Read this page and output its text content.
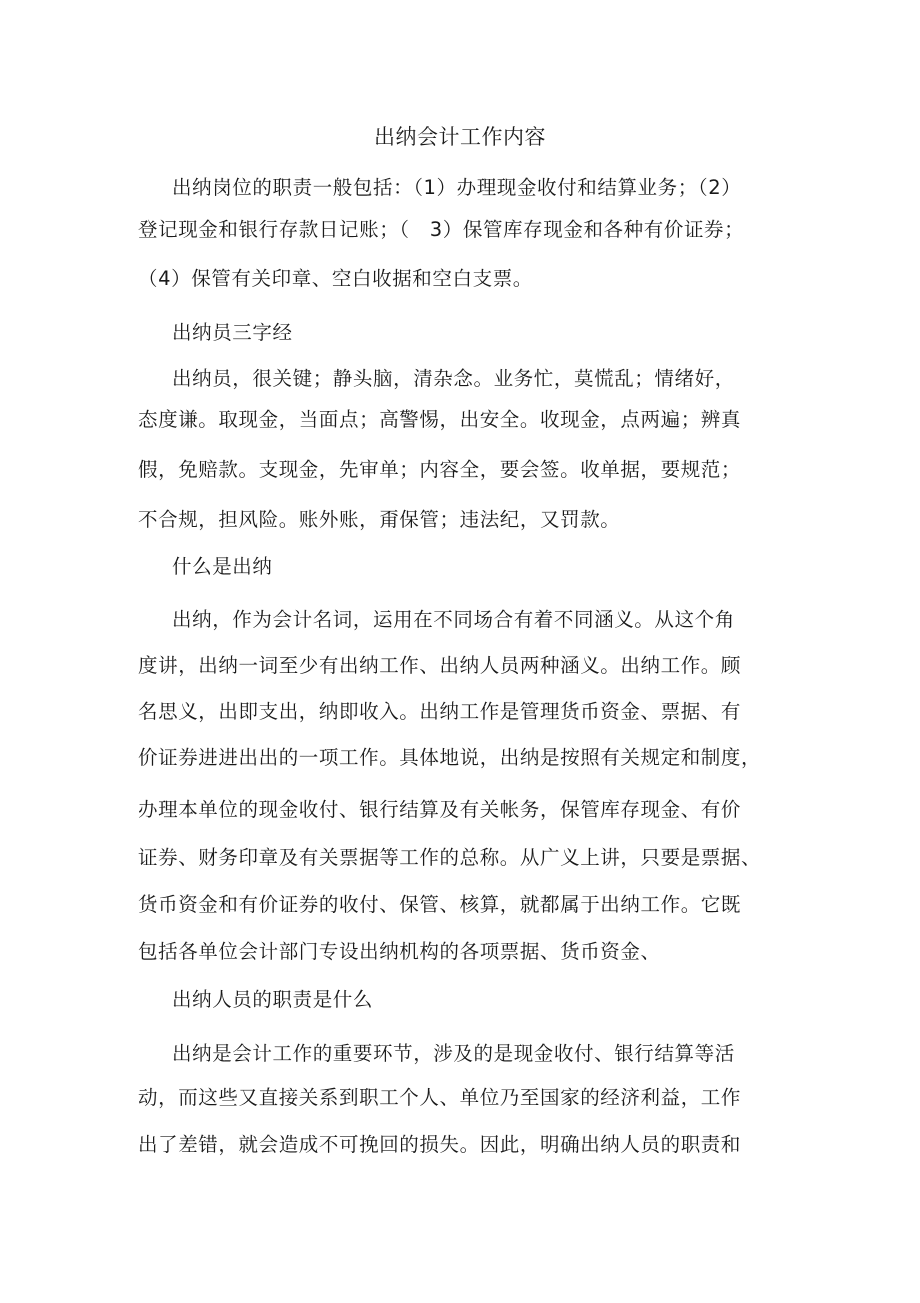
出纳会计工作内容
出纳岗位的职责一般包括：（1）办理现金收付和结算业务；（2）
登记现金和银行存款日记账；（　3）保管库存现金和各种有价证券；
（4）保管有关印章、空白收据和空白支票。
出纳员三字经
出纳员，很关键；静头脑，清杂念。业务忙，莫慌乱；情绪好，
态度谦。取现金，当面点；高警惕，出安全。收现金，点两遍；辨真
假，免赔款。支现金，先审单；内容全，要会签。收单据，要规范；
不合规，担风险。账外账，甭保管；违法纪，又罚款。
什么是出纳
出纳，作为会计名词，运用在不同场合有着不同涵义。从这个角
度讲，出纳一词至少有出纳工作、出纳人员两种涵义。出纳工作。顾
名思义，出即支出，纳即收入。出纳工作是管理货币资金、票据、有
价证券进进出出的一项工作。具体地说，出纳是按照有关规定和制度，
办理本单位的现金收付、银行结算及有关帐务，保管库存现金、有价
证券、财务印章及有关票据等工作的总称。从广义上讲，只要是票据、
货币资金和有价证券的收付、保管、核算，就都属于出纳工作。它既
包括各单位会计部门专设出纳机构的各项票据、货币资金、
出纳人员的职责是什么
出纳是会计工作的重要环节，涉及的是现金收付、银行结算等活
动，而这些又直接关系到职工个人、单位乃至国家的经济利益，工作
出了差错，就会造成不可挽回的损失。因此，明确出纳人员的职责和
